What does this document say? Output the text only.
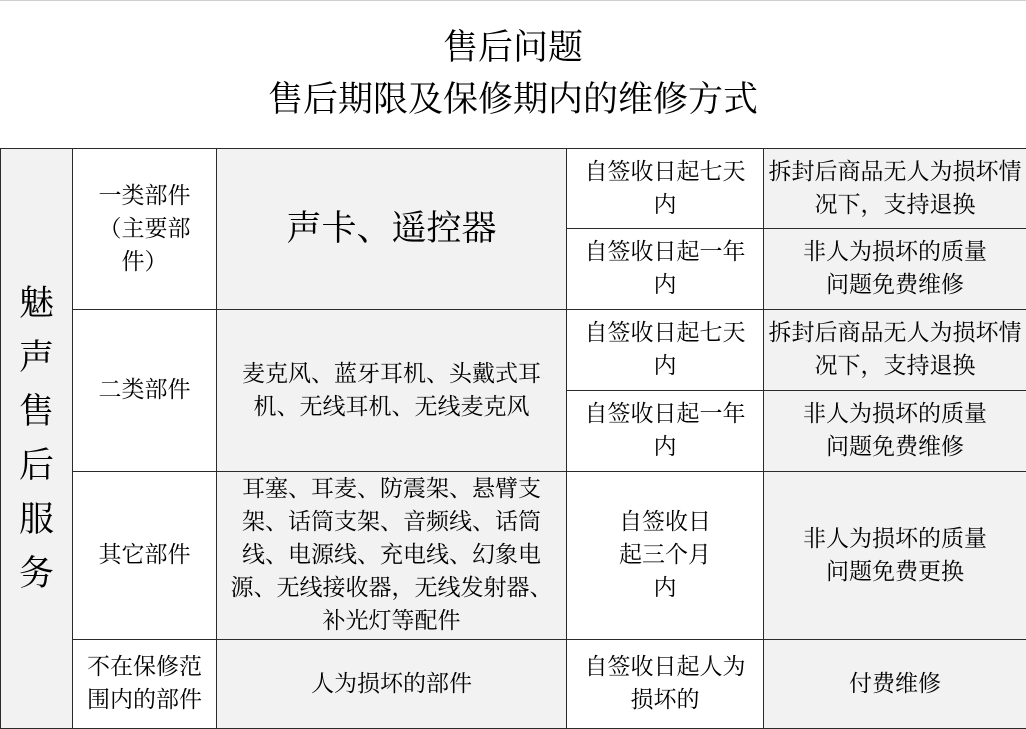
售后问题
售后期限及保修期内的维修方式
魅声售后服务	一类部件（主要部件）	声卡、遥控器	自签收日起七天内	拆封后商品无人为损坏情况下，支持退换

			自签收日起一年内	非人为损坏的质量问题免费维修

	二类部件	麦克风、蓝牙耳机、头戴式耳机、无线耳机、无线麦克风	自签收日起七天内	拆封后商品无人为损坏情况下，支持退换

			自签收日起一年内	非人为损坏的质量问题免费维修

	其它部件	耳塞、耳麦、防震架、悬臂支架、话筒支架、音频线、话筒线、电源线、充电线、幻象电源、无线接收器，无线发射器、补光灯等配件	自签收日起三个月内	非人为损坏的质量问题免费更换

	不在保修范围内的部件	人为损坏的部件	自签收日起人为损坏的	付费维修
